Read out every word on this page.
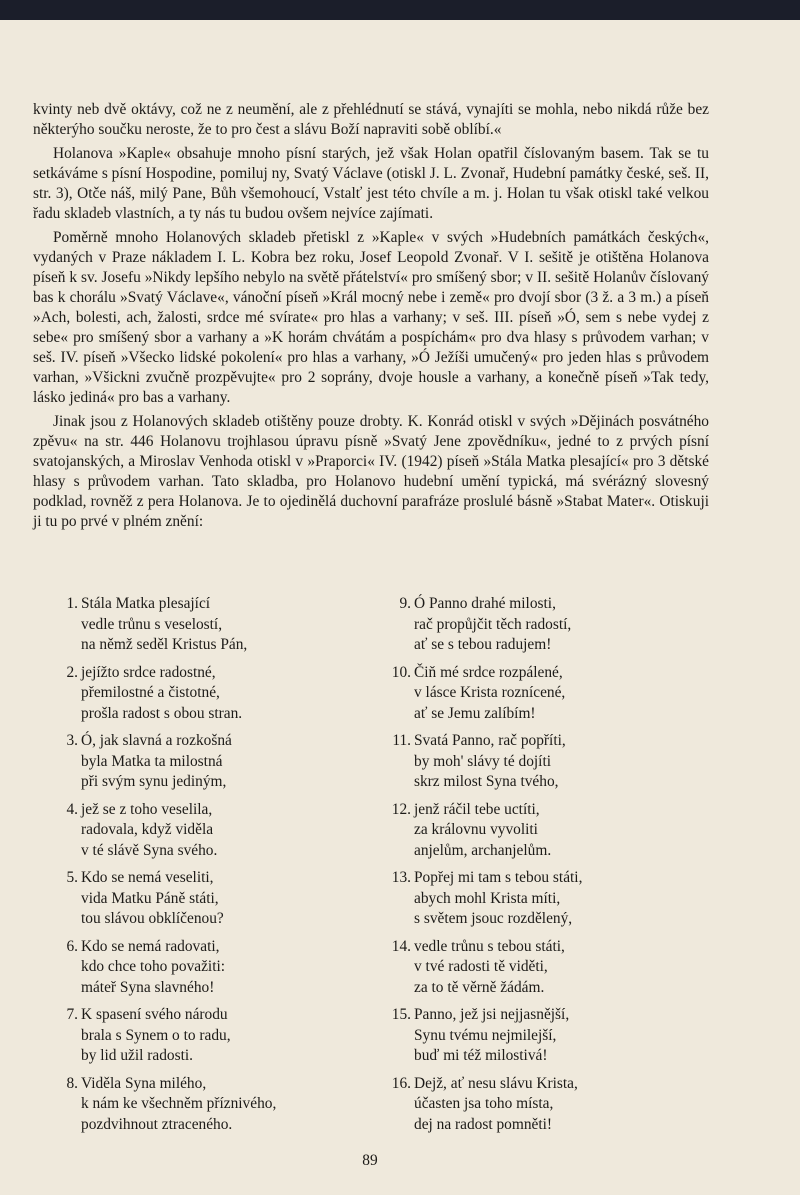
kvinty neb dvě oktávy, což ne z neumění, ale z přehlédnutí se stává, vynajíti se mohla, nebo nikdá růže bez některýho součku neroste, že to pro čest a slávu Boží napraviti sobě oblíbí.«

Holanova »Kaple« obsahuje mnoho písní starých, jež však Holan opatřil číslovaným basem. Tak se tu setkáváme s písní Hospodine, pomiluj ny, Svatý Václave (otiskl J. L. Zvonař, Hudební památky české, seš. II, str. 3), Otče náš, milý Pane, Bůh všemohoucí, Vstalť jest této chvíle a m. j. Holan tu však otiskl také velkou řadu skladeb vlastních, a ty nás tu budou ovšem nejvíce zajímati.

Poměrně mnoho Holanových skladeb přetiskl z »Kaple« v svých »Hudebních památkách českých«, vydaných v Praze nákladem I. L. Kobra bez roku, Josef Leopold Zvonař. V I. sešitě je otištěna Holanova píseň k sv. Josefu »Nikdy lepšího nebylo na světě přátelství« pro smíšený sbor; v II. sešitě Holanův číslovaný bas k chorálu »Svatý Václave«, vánoční píseň »Král mocný nebe i země« pro dvojí sbor (3 ž. a 3 m.) a píseň »Ach, bolesti, ach, žalosti, srdce mé svírate« pro hlas a varhany; v seš. III. píseň »Ó, sem s nebe vydej z sebe« pro smíšený sbor a varhany a »K horám chvátám a pospíchám« pro dva hlasy s průvodem varhan; v seš. IV. píseň »Všecko lidské pokolení« pro hlas a varhany, »Ó Ježíši umučený« pro jeden hlas s průvodem varhan, »Všickni zvučně prozpěvujte« pro 2 soprány, dvoje housle a varhany, a konečně píseň »Tak tedy, lásko jediná« pro bas a varhany.

Jinak jsou z Holanových skladeb otištěny pouze drobty. K. Konrád otiskl v svých »Dějinách posvátného zpěvu« na str. 446 Holanovu trojhlasou úpravu písně »Svatý Jene zpovědníku«, jedné to z prvých písní svatojanských, a Miroslav Venhoda otiskl v »Praporci« IV. (1942) píseň »Stála Matka plesající« pro 3 dětské hlasy s průvodem varhan. Tato skladba, pro Holanovo hudební umění typická, má svérázný slovesný podklad, rovněž z pera Holanova. Je to ojedinělá duchovní parafráze proslulé básně »Stabat Mater«. Otiskuji ji tu po prvé v plném znění:

1. Stála Matka plesající
vedle trůnu s veselostí,
na němž seděl Kristus Pán,
2. jejížto srdce radostné,
přemilostné a čistotné,
prošla radost s obou stran.
3. Ó, jak slavná a rozkošná
byla Matka ta milostná
při svým synu jediným,
4. jež se z toho veselila,
radovala, když viděla
v té slávě Syna svého.
5. Kdo se nemá veseliti,
vida Matku Páně státi,
tou slávou obklíčenou?
6. Kdo se nemá radovati,
kdo chce toho považiti:
máteř Syna slavného!
7. K spasení svého národu
brala s Synem o to radu,
by lid užil radosti.
8. Viděla Syna milého,
k nám ke všechněm příznivého,
pozdvihnout ztraceného.
9. Ó Panno drahé milosti,
rač propůjčit těch radostí,
ať se s tebou radujem!
10. Čiň mé srdce rozpálené,
v lásce Krista roznícené,
ať se Jemu zalíbím!
11. Svatá Panno, rač popříti,
by moh' slávy té dojíti
skrz milost Syna tvého,
12. jenž ráčil tebe uctíti,
za královnu vyvoliti
anjelům, archanjelům.
13. Popřej mi tam s tebou státi,
abych mohl Krista míti,
s světem jsouc rozdělený,
14. vedle trůnu s tebou státi,
v tvé radosti tě viděti,
za to tě věrně žádám.
15. Panno, jež jsi nejjasnější,
Synu tvému nejmilejší,
buď mi též milostivá!
16. Dejž, ať nesu slávu Krista,
účasten jsa toho místa,
dej na radost pomněti!
89
